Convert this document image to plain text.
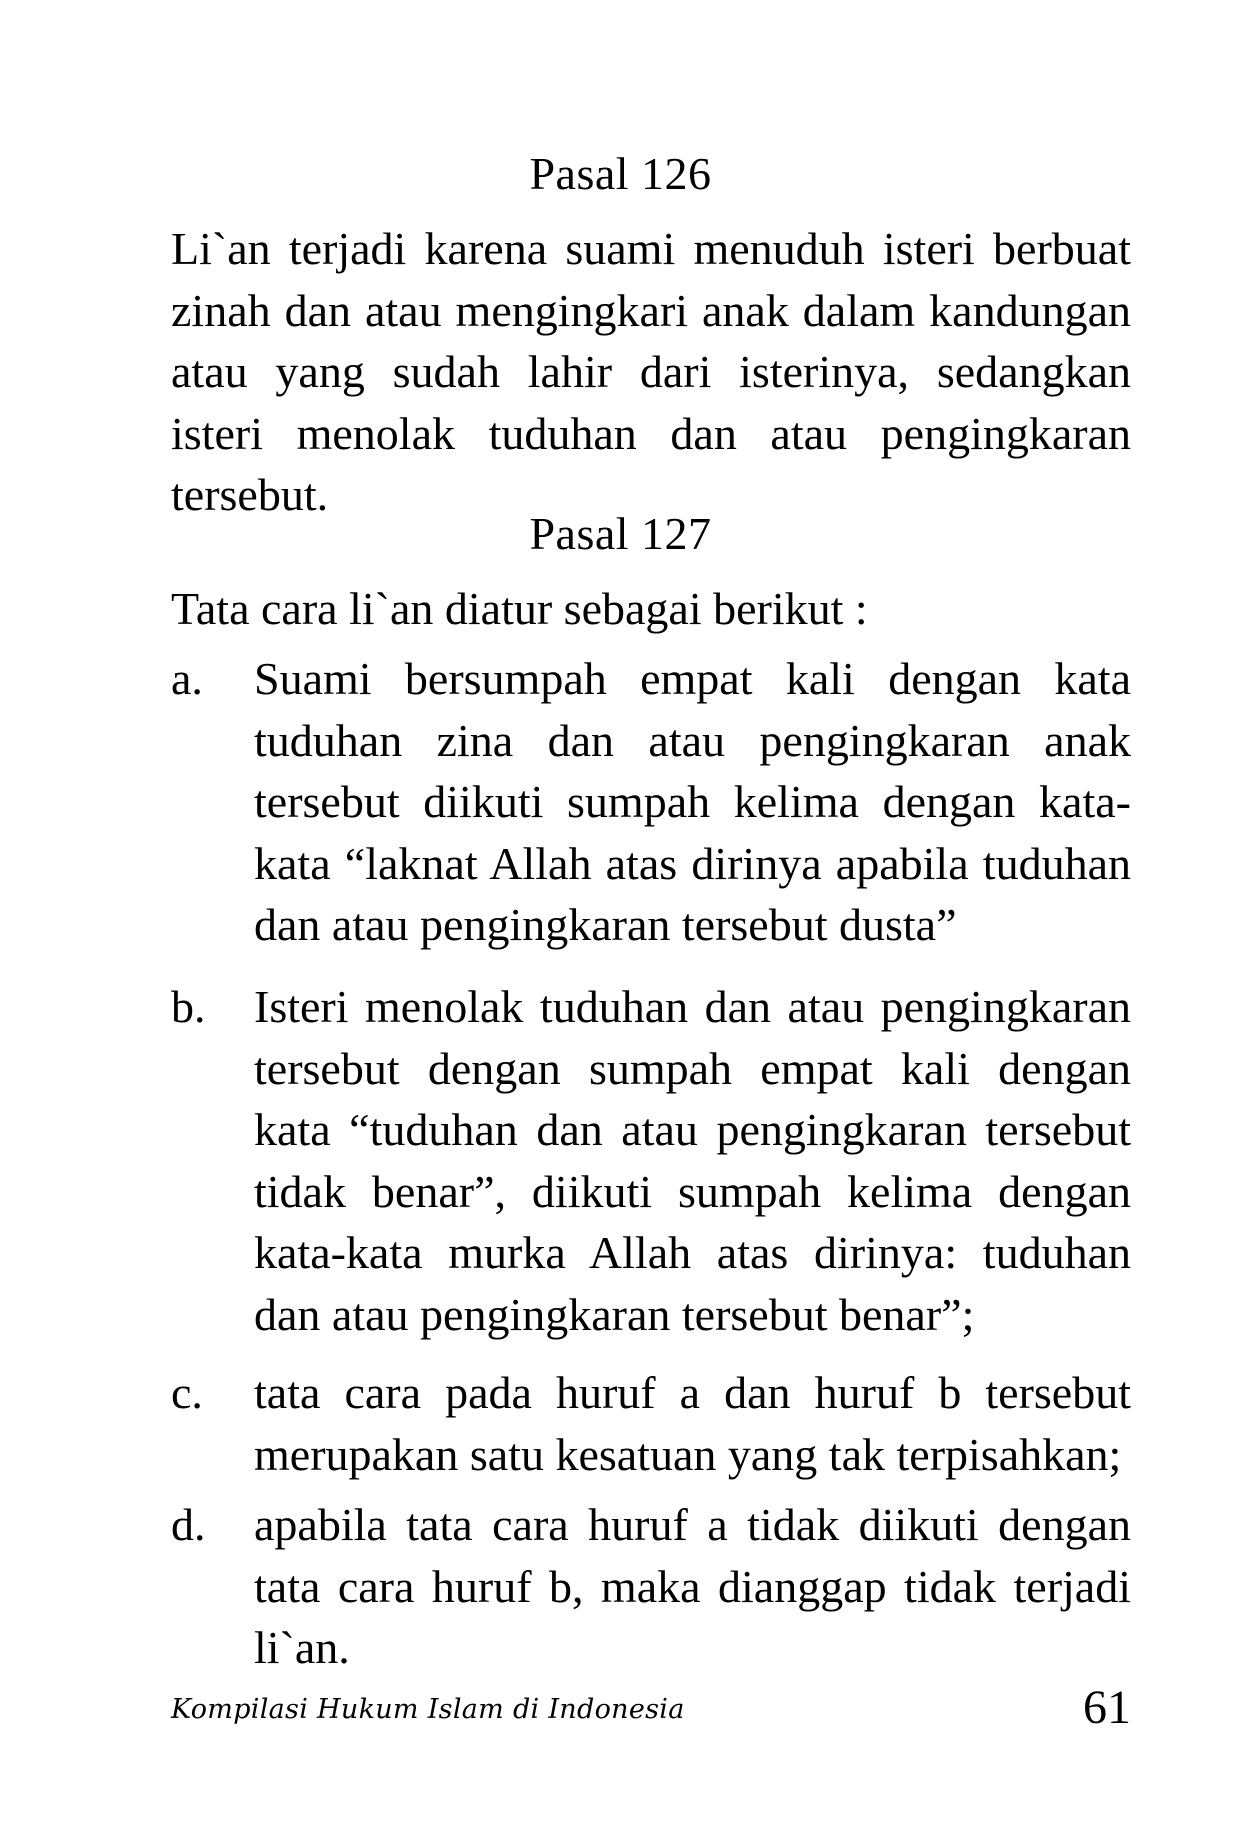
Pasal 126
Li`an terjadi karena suami menuduh isteri berbuat zinah dan atau mengingkari anak dalam kandungan atau yang sudah lahir dari isterinya, sedangkan isteri menolak tuduhan dan atau pengingkaran tersebut.
Pasal 127
Tata cara li`an diatur sebagai berikut :
a.	Suami bersumpah empat kali dengan kata tuduhan zina dan atau pengingkaran anak tersebut diikuti sumpah kelima dengan kata-kata “laknat Allah atas dirinya apabila tuduhan dan atau pengingkaran tersebut dusta”
b.	Isteri menolak tuduhan dan atau pengingkaran tersebut dengan sumpah empat kali dengan kata “tuduhan dan atau pengingkaran tersebut tidak benar”, diikuti sumpah kelima dengan kata-kata murka Allah atas dirinya: tuduhan dan atau pengingkaran tersebut benar”;
c.	tata cara pada huruf a dan huruf b tersebut merupakan satu kesatuan yang tak terpisahkan;
d.	apabila tata cara huruf a tidak diikuti dengan tata cara huruf b, maka dianggap tidak terjadi li`an.
Kompilasi Hukum Islam di Indonesia	61
